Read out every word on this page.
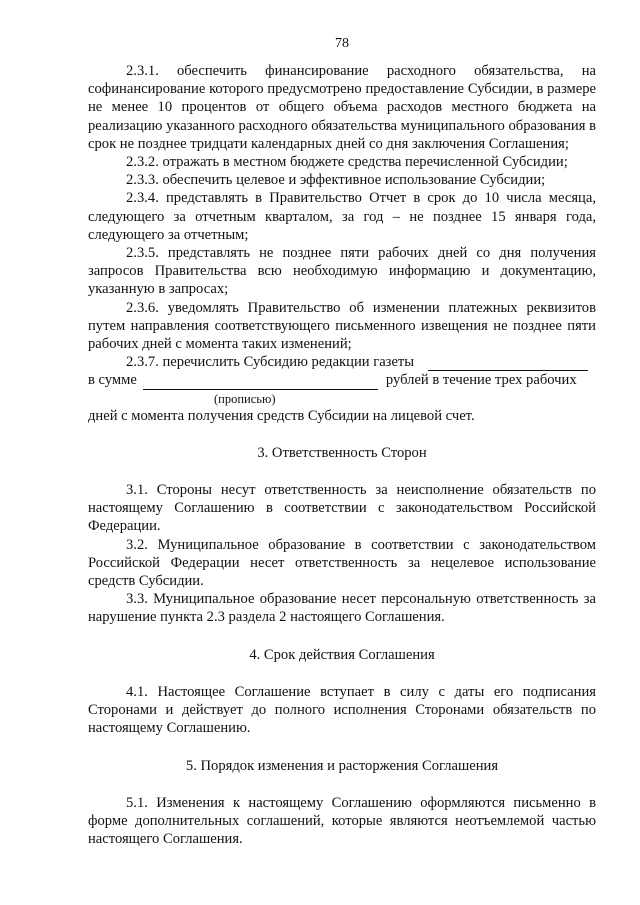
78

2.3.1. обеспечить финансирование расходного обязательства, на софинансирование которого предусмотрено предоставление Субсидии, в размере не менее 10 процентов от общего объема расходов местного бюджета на реализацию указанного расходного обязательства муниципального образования в срок не позднее тридцати календарных дней со дня заключения Соглашения;

2.3.2. отражать в местном бюджете средства перечисленной Субсидии;

2.3.3. обеспечить целевое и эффективное использование Субсидии;

2.3.4. представлять в Правительство Отчет в срок до 10 числа месяца, следующего за отчетным кварталом, за год – не позднее 15 января года, следующего за отчетным;

2.3.5. представлять не позднее пяти рабочих дней со дня получения запросов Правительства всю необходимую информацию и документацию, указанную в запросах;

2.3.6. уведомлять Правительство об изменении платежных реквизитов путем направления соответствующего письменного извещения не позднее пяти рабочих дней с момента таких изменений;

2.3.7. перечислить Субсидию редакции газеты
в сумме	рублей в течение трех рабочих
(прописью)

дней с момента получения средств Субсидии на лицевой счет.

3. Ответственность Сторон

3.1. Стороны несут ответственность за неисполнение обязательств по настоящему Соглашению в соответствии с законодательством Российской Федерации.

3.2. Муниципальное образование в соответствии с законодательством Российской Федерации несет ответственность за нецелевое использование средств Субсидии.

3.3. Муниципальное образование несет персональную ответственность за нарушение пункта 2.3 раздела 2 настоящего Соглашения.

4. Срок действия Соглашения

4.1. Настоящее Соглашение вступает в силу с даты его подписания Сторонами и действует до полного исполнения Сторонами обязательств по настоящему Соглашению.

5. Порядок изменения и расторжения Соглашения

5.1. Изменения к настоящему Соглашению оформляются письменно в форме дополнительных соглашений, которые являются неотъемлемой частью настоящего Соглашения.
